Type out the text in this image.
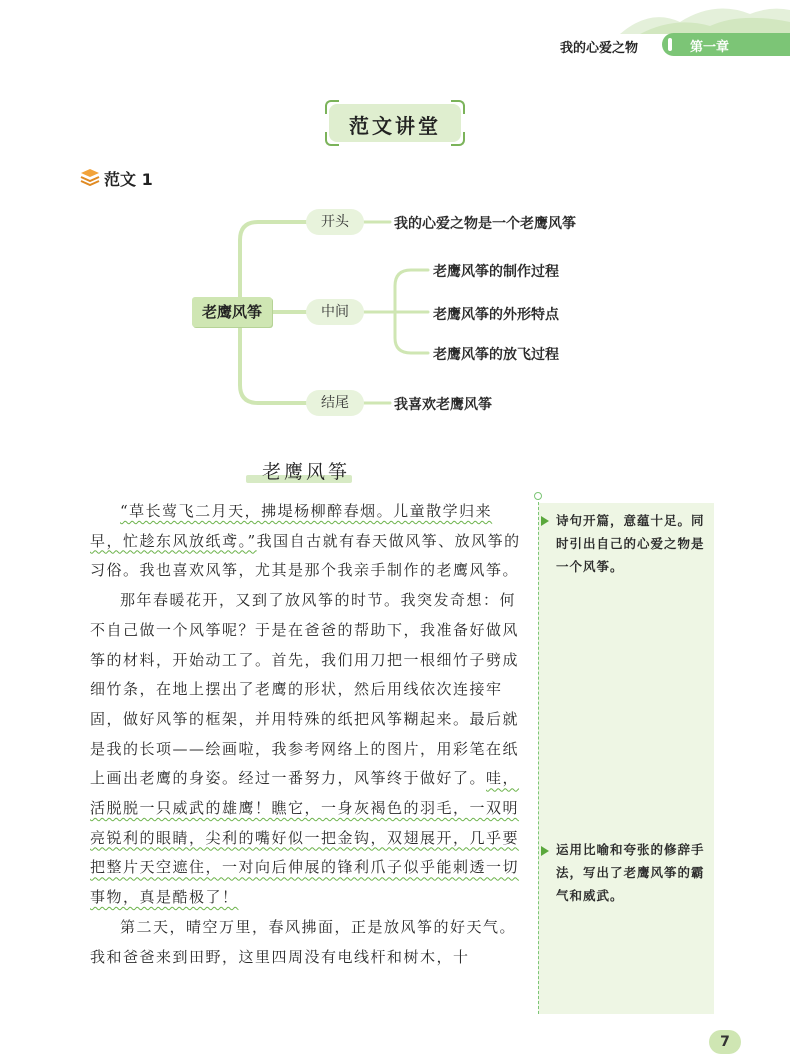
我的心爱之物	第一章
范文讲堂
范文 1
老鹰风筝
开头
中间
结尾
我的心爱之物是一个老鹰风筝
老鹰风筝的制作过程
老鹰风筝的外形特点
老鹰风筝的放飞过程
我喜欢老鹰风筝
老鹰风筝
诗句开篇，意蕴十足。同时引出自己的心爱之物是一个风筝。
运用比喻和夸张的修辞手法，写出了老鹰风筝的霸气和威武。

“草长莺飞二月天，拂堤杨柳醉春烟。儿童散学归来早，忙趁东风放纸鸢。”我国自古就有春天做风筝、放风筝的习俗。我也喜欢风筝，尤其是那个我亲手制作的老鹰风筝。

那年春暖花开，又到了放风筝的时节。我突发奇想：何不自己做一个风筝呢？于是在爸爸的帮助下，我准备好做风筝的材料，开始动工了。首先，我们用刀把一根细竹子劈成细竹条，在地上摆出了老鹰的形状，然后用线依次连接牢固，做好风筝的框架，并用特殊的纸把风筝糊起来。最后就是我的长项——绘画啦，我参考网络上的图片，用彩笔在纸上画出老鹰的身姿。经过一番努力，风筝终于做好了。哇，活脱脱一只威武的雄鹰！瞧它，一身灰褐色的羽毛，一双明亮锐利的眼睛，尖利的嘴好似一把金钩，双翅展开，几乎要把整片天空遮住，一对向后伸展的锋利爪子似乎能刺透一切事物，真是酷极了！

第二天，晴空万里，春风拂面，正是放风筝的好天气。我和爸爸来到田野，这里四周没有电线杆和树木，十

7
